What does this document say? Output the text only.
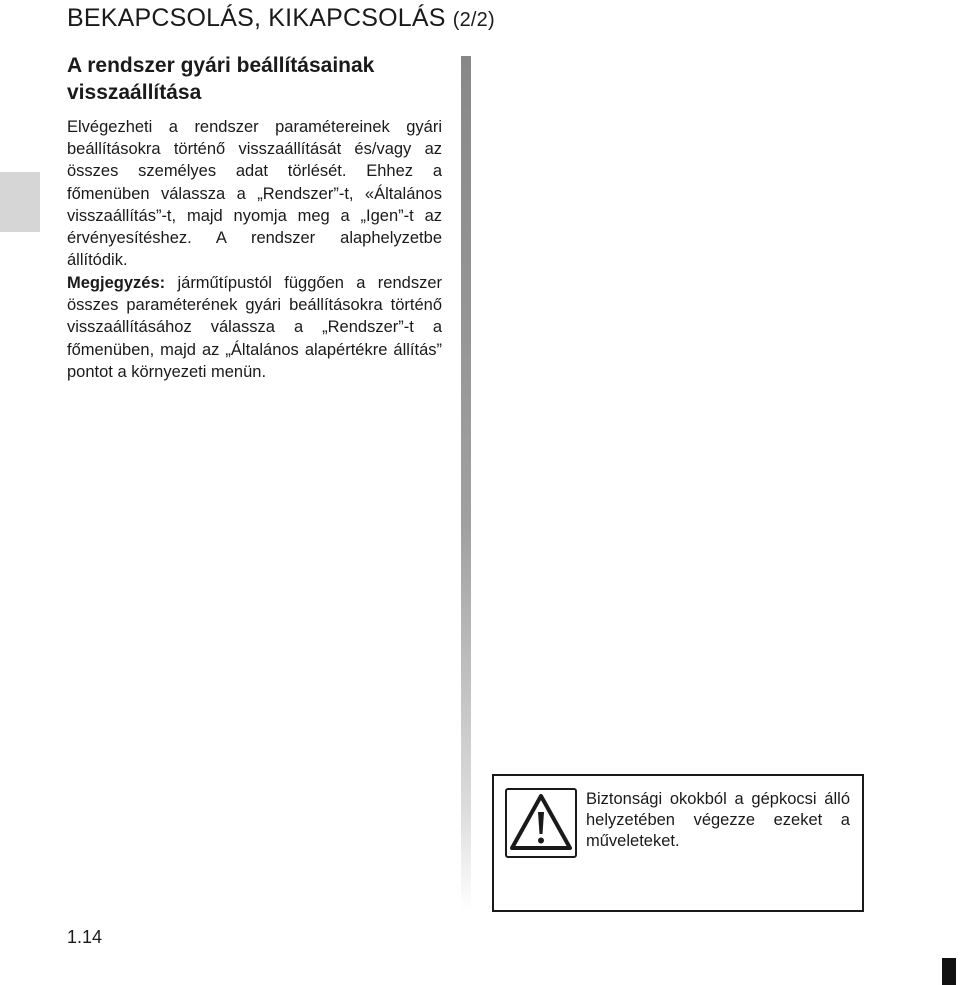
BEKAPCSOLÁS, KIKAPCSOLÁS (2/2)
A rendszer gyári beállításainak visszaállítása

Elvégezheti a rendszer paramétereinek gyári beállításokra történő visszaállítását és/vagy az összes személyes adat törlését. Ehhez a főmenüben válassza a „Rendszer”-t, «Általános visszaállítás”-t, majd nyomja meg a „Igen”-t az érvényesítéshez. A rendszer alaphelyzetbe állítódik.

Megjegyzés: járműtípustól függően a rendszer összes paraméterének gyári beállításokra történő visszaállításához válassza a „Rendszer”-t a főmenüben, majd az „Általános alapértékre állítás” pontot a környezeti menün.

Biztonsági okokból a gépkocsi álló helyzetében végezze ezeket a műveleteket.

1.14
